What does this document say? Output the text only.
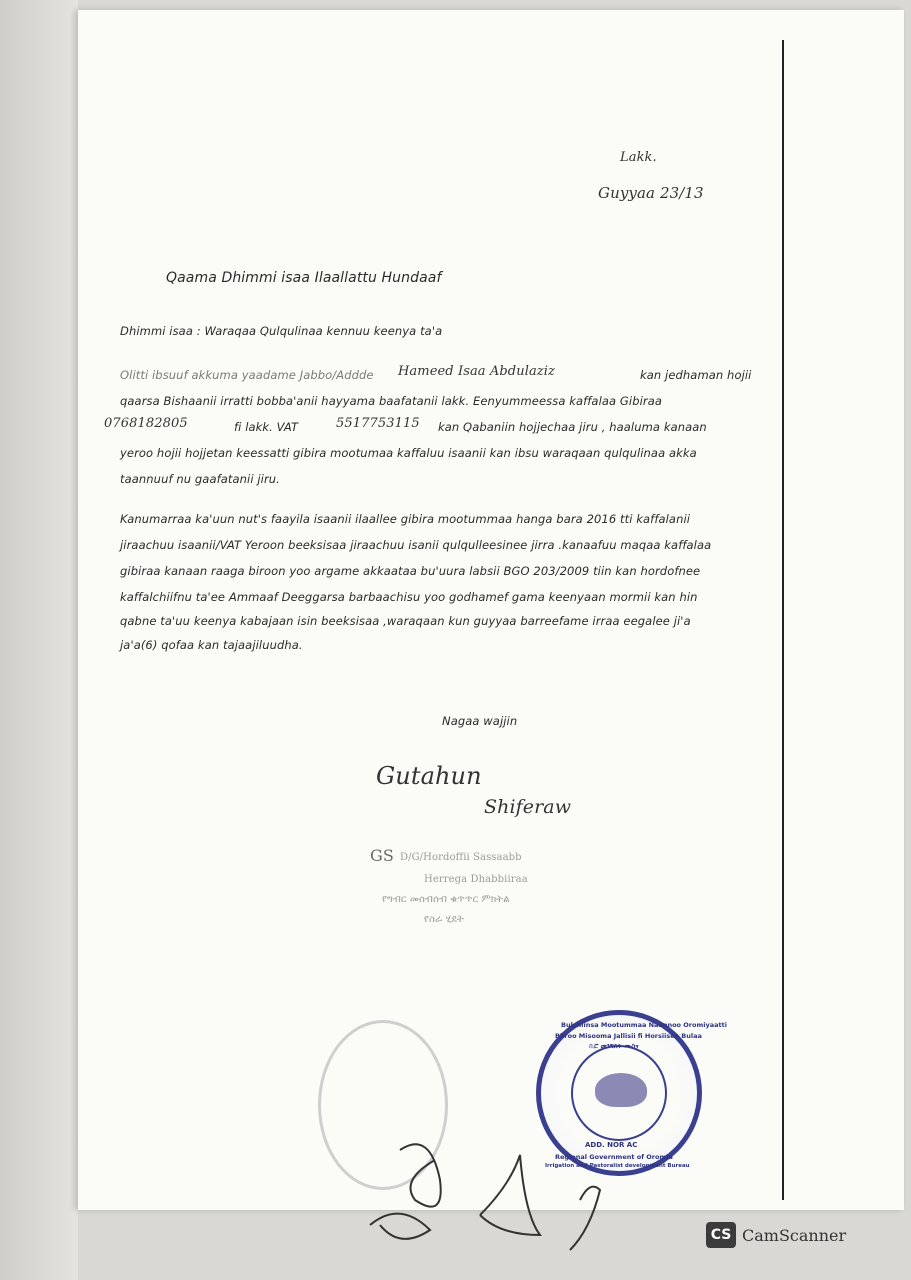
Lakk.
Guyyaa 23/13
Qaama Dhimmi isaa Ilaallattu Hundaaf
Dhimmi isaa : Waraqaa Qulqulinaa kennuu keenya ta'a
Olitti ibsuuf akkuma yaadame Jabbo/Addde Hameed Isaa Abdulaziz	kan jedhaman hojii
qaarsa Bishaanii irratti bobba'anii hayyama baafatanii lakk. Eenyummeessa kaffalaa Gibiraa
0768182805	fi lakk. VAT	5517753115 kan Qabaniin hojjechaa jiru , haaluma kanaan
yeroo hojii hojjetan keessatti gibira mootumaa kaffaluu isaanii kan ibsu waraqaan qulqulinaa akka
taannuuf nu gaafatanii jiru.
Kanumarraa ka'uun nut's faayila isaanii ilaallee gibira mootummaa hanga bara 2016 tti kaffalanii
jiraachuu isaanii/VAT Yeroon beeksisaa jiraachuu isanii qulqulleesinee jirra .kanaafuu maqaa kaffalaa
gibiraa kanaan raaga biroon yoo argame akkaataa bu'uura labsii BGO 203/2009 tiin kan hordofnee
kaffalchiifnu ta'ee Ammaaf Deeggarsa barbaachisu yoo godhamef gama keenyaan mormii kan hin
qabne ta'uu keenya kabajaan isin beeksisaa ,waraqaan kun guyyaa barreefame irraa eegalee ji'a
ja'a(6) qofaa kan tajaajiluudha.
Nagaa wajjin
Gutahun
Shiferaw
GS D/G/Hordoffii Sassaabb
Herrega Dhabbiiraa
የግብር መሰብሰብ ቁጥጥር ምክትል
የስራ ሂደት
Bulchiinsa Mootummaa Naannoo Oromiyaatti
Biiroo Misooma Jallisii fi Horsiisee Bulaa
ቢሮ መንግስት ሙስና
ADD. NOR AC
Regional Government of Oromia
Irrigation and Pastoralist development Bureau
CS CamScanner
